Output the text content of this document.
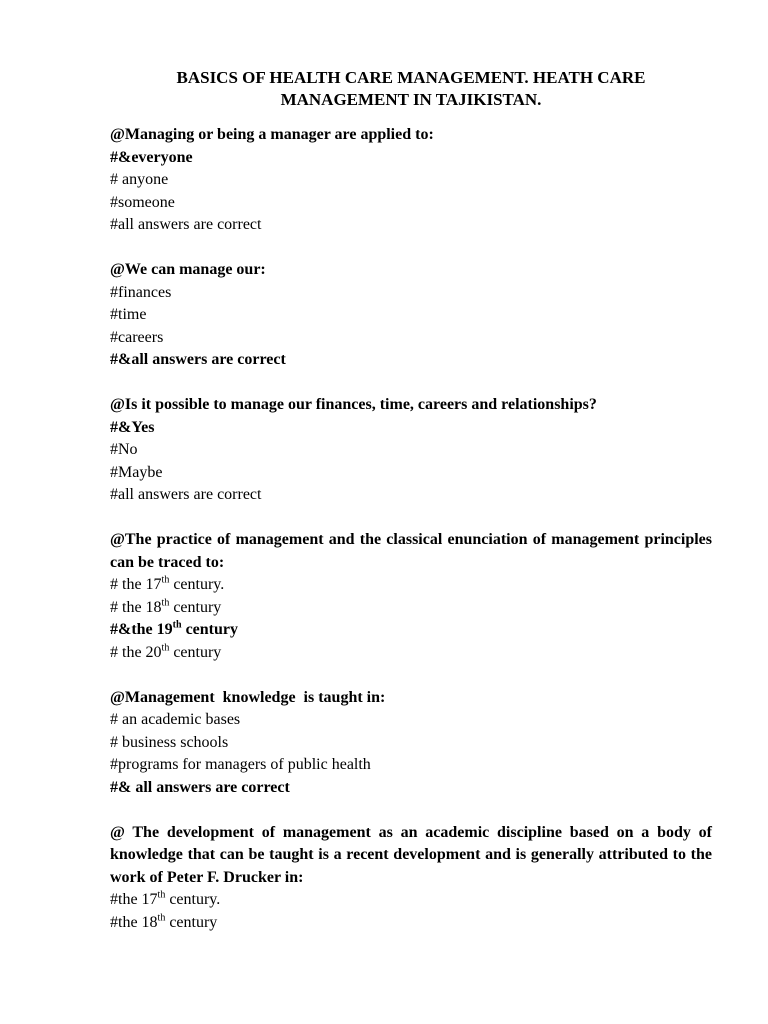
BASICS OF HEALTH CARE MANAGEMENT. HEATH CARE
MANAGEMENT IN TAJIKISTAN.

@Managing or being a manager are applied to:

#&everyone

# anyone

#someone

#all answers are correct

@We can manage our:

#finances

#time

#careers

#&all answers are correct

@Is it possible to manage our finances, time, careers and relationships?

#&Yes

#No

#Maybe

#all answers are correct

@The practice of management and the classical enunciation of management principles can be traced to:

# the 17th century.

# the 18th century

#&the 19th century

# the 20th century

@Management  knowledge  is taught in:

# an academic bases

# business schools

#programs for managers of public health

#& all answers are correct

@ The development of management as an academic discipline based on a body of knowledge that can be taught is a recent development and is generally attributed to the work of Peter F. Drucker in:

#the 17th century.

#the 18th century
